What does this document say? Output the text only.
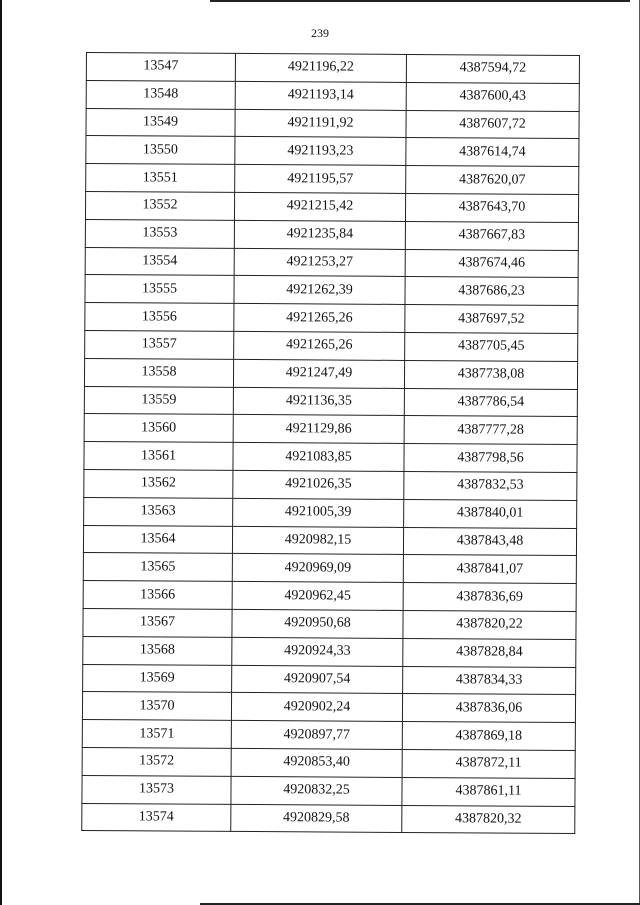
239
13547	4921196,22	4387594,72
13548	4921193,14	4387600,43
13549	4921191,92	4387607,72
13550	4921193,23	4387614,74
13551	4921195,57	4387620,07
13552	4921215,42	4387643,70
13553	4921235,84	4387667,83
13554	4921253,27	4387674,46
13555	4921262,39	4387686,23
13556	4921265,26	4387697,52
13557	4921265,26	4387705,45
13558	4921247,49	4387738,08
13559	4921136,35	4387786,54
13560	4921129,86	4387777,28
13561	4921083,85	4387798,56
13562	4921026,35	4387832,53
13563	4921005,39	4387840,01
13564	4920982,15	4387843,48
13565	4920969,09	4387841,07
13566	4920962,45	4387836,69
13567	4920950,68	4387820,22
13568	4920924,33	4387828,84
13569	4920907,54	4387834,33
13570	4920902,24	4387836,06
13571	4920897,77	4387869,18
13572	4920853,40	4387872,11
13573	4920832,25	4387861,11
13574	4920829,58	4387820,32
